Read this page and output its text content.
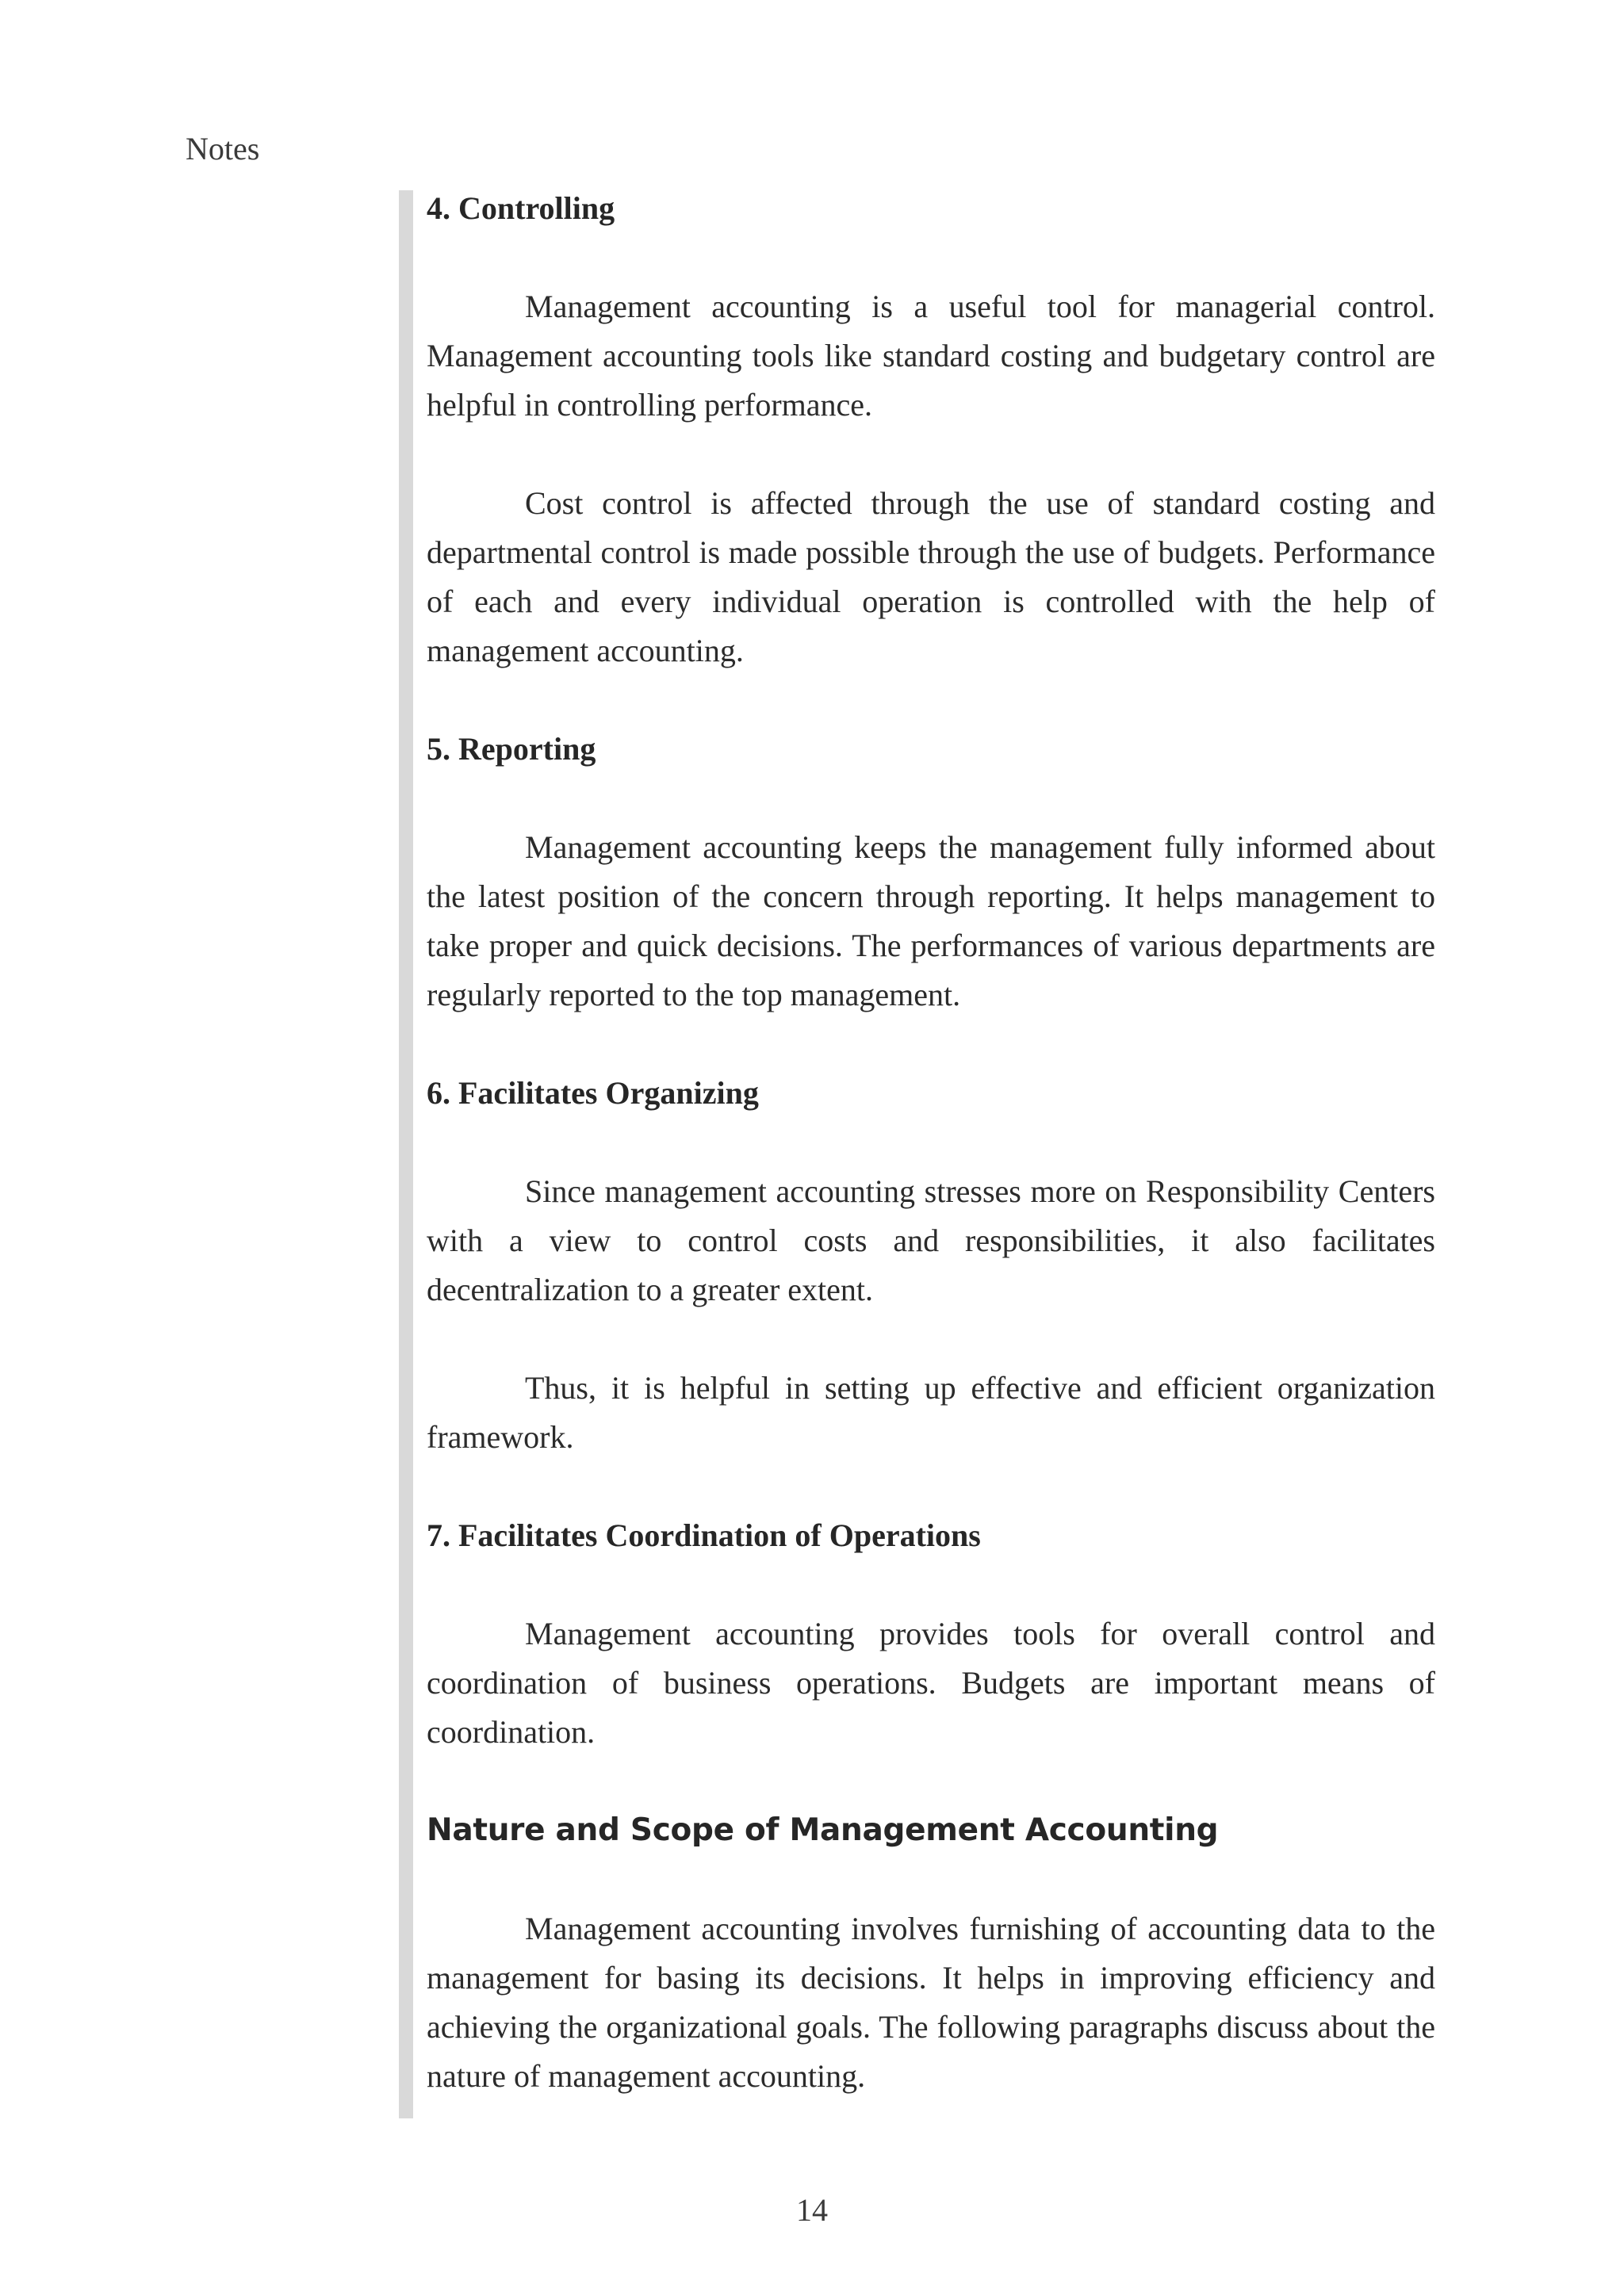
Notes
4. Controlling

Management accounting is a useful tool for managerial control. Management accounting tools like standard costing and budgetary control are helpful in controlling performance.

Cost control is affected through the use of standard costing and departmental control is made possible through the use of budgets. Performance of each and every individual operation is controlled with the help of management accounting.

5. Reporting

Management accounting keeps the management fully informed about the latest position of the concern through reporting. It helps management to take proper and quick decisions. The performances of various departments are regularly reported to the top management.

6. Facilitates Organizing

Since management accounting stresses more on Responsibility Centers with a view to control costs and responsibilities, it also facilitates decentralization to a greater extent.

Thus, it is helpful in setting up effective and efficient organization framework.

7. Facilitates Coordination of Operations

Management accounting provides tools for overall control and coordination of business operations. Budgets are important means of coordination.

Nature and Scope of Management Accounting

Management accounting involves furnishing of accounting data to the management for basing its decisions. It helps in improving efficiency and achieving the organizational goals. The following paragraphs discuss about the nature of management accounting.

14
